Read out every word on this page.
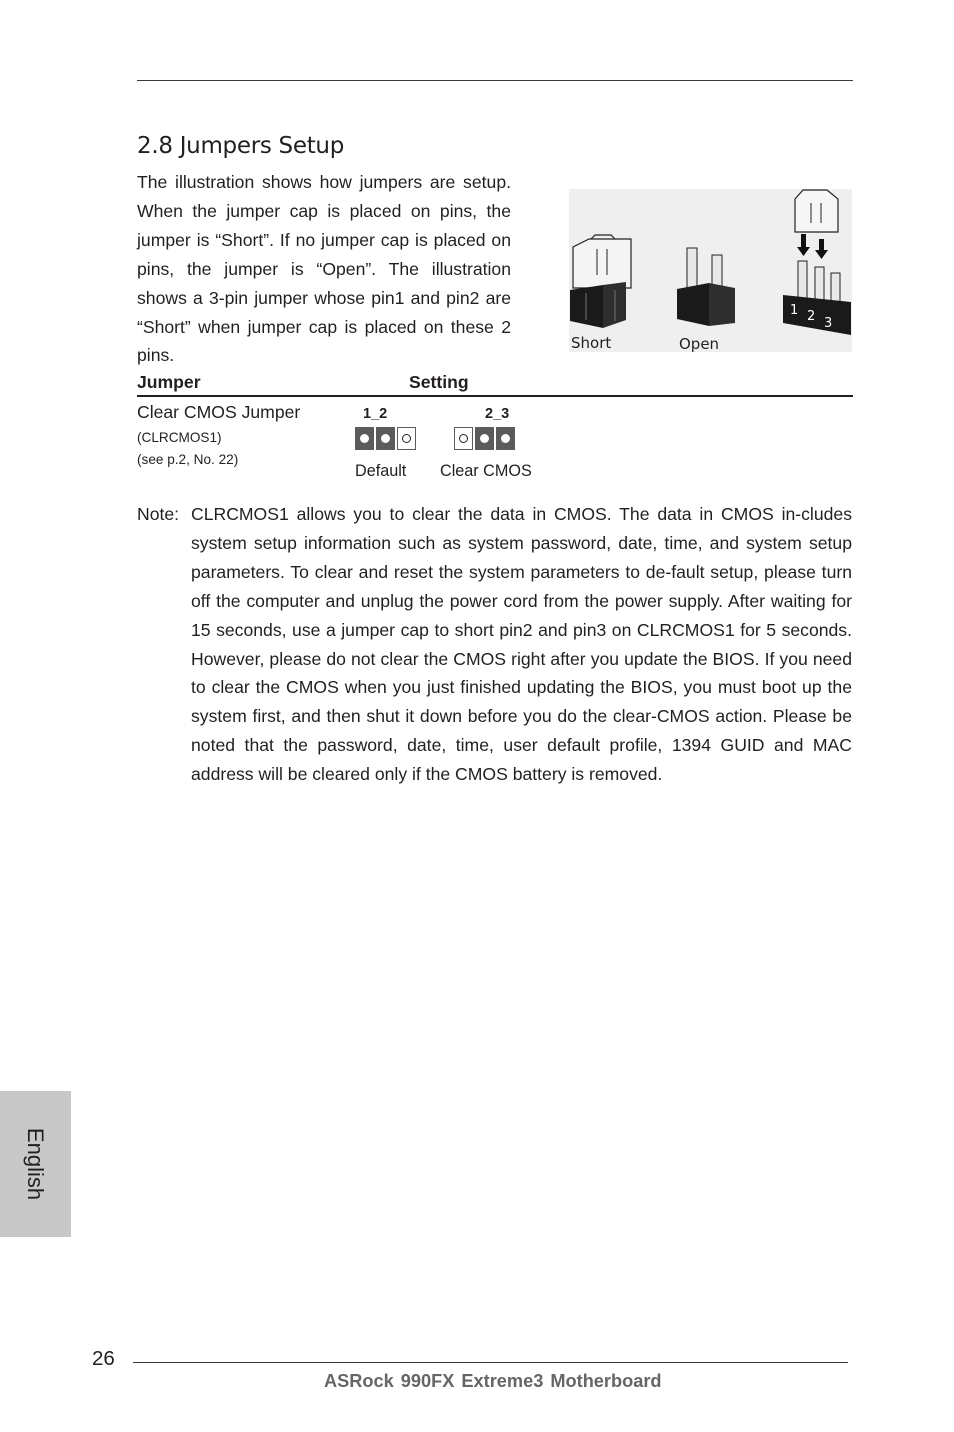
2.8 Jumpers Setup
The illustration shows how jumpers are setup. When the jumper cap is placed on pins, the jumper is “Short”. If no jumper cap is placed on pins, the jumper is “Open”. The illustration shows a 3-pin jumper whose pin1 and pin2 are “Short” when jumper cap is placed on these 2 pins.
1 2 3
Short	Open
Jumper	Setting
Clear CMOS Jumper
(CLRCMOS1)
(see p.2, No. 22)
1_2
Default
2_3
Clear CMOS
Note: CLRCMOS1 allows you to clear the data in CMOS. The data in CMOS in-cludes system setup information such as system password, date, time, and system setup parameters. To clear and reset the system parameters to de-fault setup, please turn off the computer and unplug the power cord from the power supply. After waiting for 15 seconds, use a jumper cap to short pin2 and pin3 on CLRCMOS1 for 5 seconds. However, please do not clear the CMOS right after you update the BIOS. If you need to clear the CMOS when you just finished updating the BIOS, you must boot up the system first, and then shut it down before you do the clear-CMOS action. Please be noted that the password, date, time, user default profile, 1394 GUID and MAC address will be cleared only if the CMOS battery is removed.
English
26
ASRock 990FX Extreme3 Motherboard
